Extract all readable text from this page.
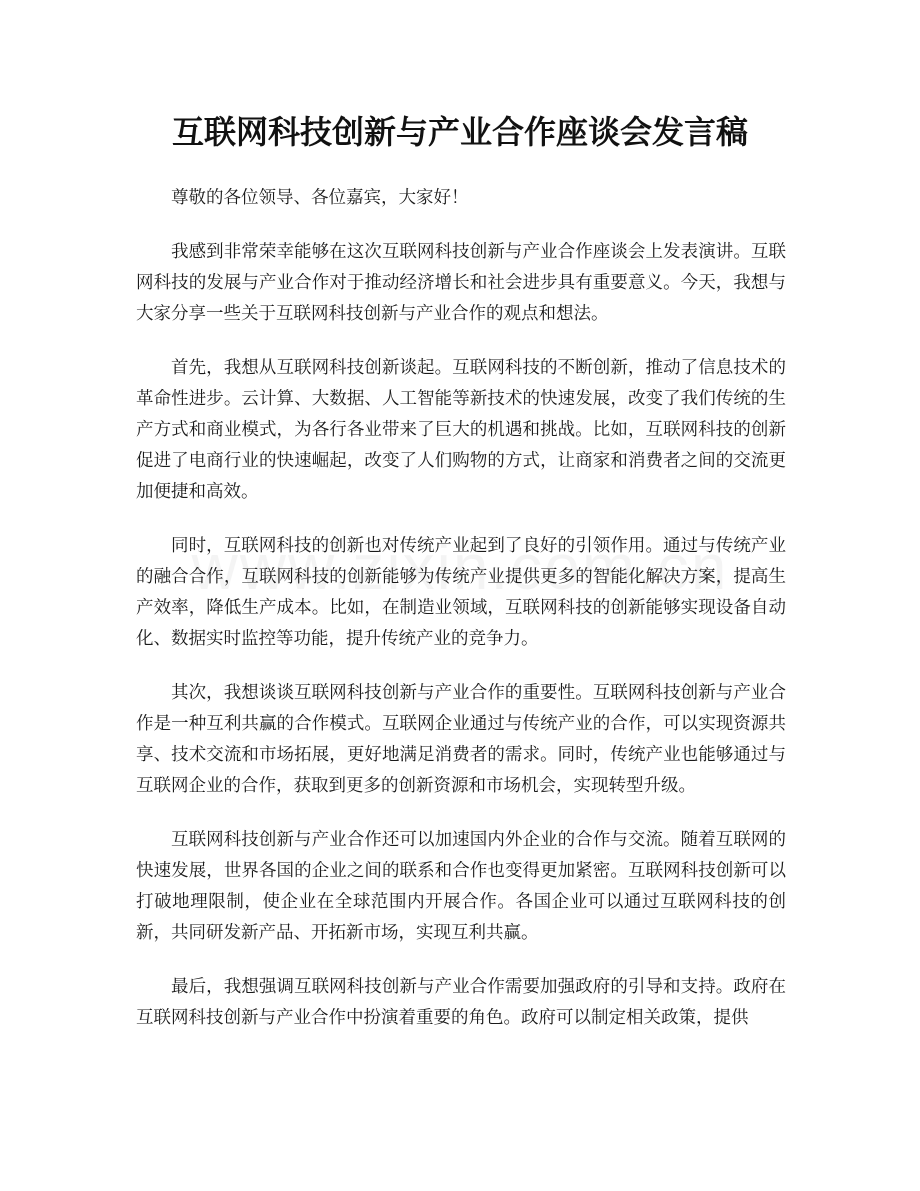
互联网科技创新与产业合作座谈会发言稿

尊敬的各位领导、各位嘉宾，大家好！

我感到非常荣幸能够在这次互联网科技创新与产业合作座谈会上发表演讲。互联网科技的发展与产业合作对于推动经济增长和社会进步具有重要意义。今天，我想与大家分享一些关于互联网科技创新与产业合作的观点和想法。

首先，我想从互联网科技创新谈起。互联网科技的不断创新，推动了信息技术的革命性进步。云计算、大数据、人工智能等新技术的快速发展，改变了我们传统的生产方式和商业模式，为各行各业带来了巨大的机遇和挑战。比如，互联网科技的创新促进了电商行业的快速崛起，改变了人们购物的方式，让商家和消费者之间的交流更加便捷和高效。

同时，互联网科技的创新也对传统产业起到了良好的引领作用。通过与传统产业的融合合作，互联网科技的创新能够为传统产业提供更多的智能化解决方案，提高生产效率，降低生产成本。比如，在制造业领域，互联网科技的创新能够实现设备自动化、数据实时监控等功能，提升传统产业的竞争力。

其次，我想谈谈互联网科技创新与产业合作的重要性。互联网科技创新与产业合作是一种互利共赢的合作模式。互联网企业通过与传统产业的合作，可以实现资源共享、技术交流和市场拓展，更好地满足消费者的需求。同时，传统产业也能够通过与互联网企业的合作，获取到更多的创新资源和市场机会，实现转型升级。

互联网科技创新与产业合作还可以加速国内外企业的合作与交流。随着互联网的快速发展，世界各国的企业之间的联系和合作也变得更加紧密。互联网科技创新可以打破地理限制，使企业在全球范围内开展合作。各国企业可以通过互联网科技的创新，共同研发新产品、开拓新市场，实现互利共赢。

最后，我想强调互联网科技创新与产业合作需要加强政府的引导和支持。政府在互联网科技创新与产业合作中扮演着重要的角色。政府可以制定相关政策，提供
